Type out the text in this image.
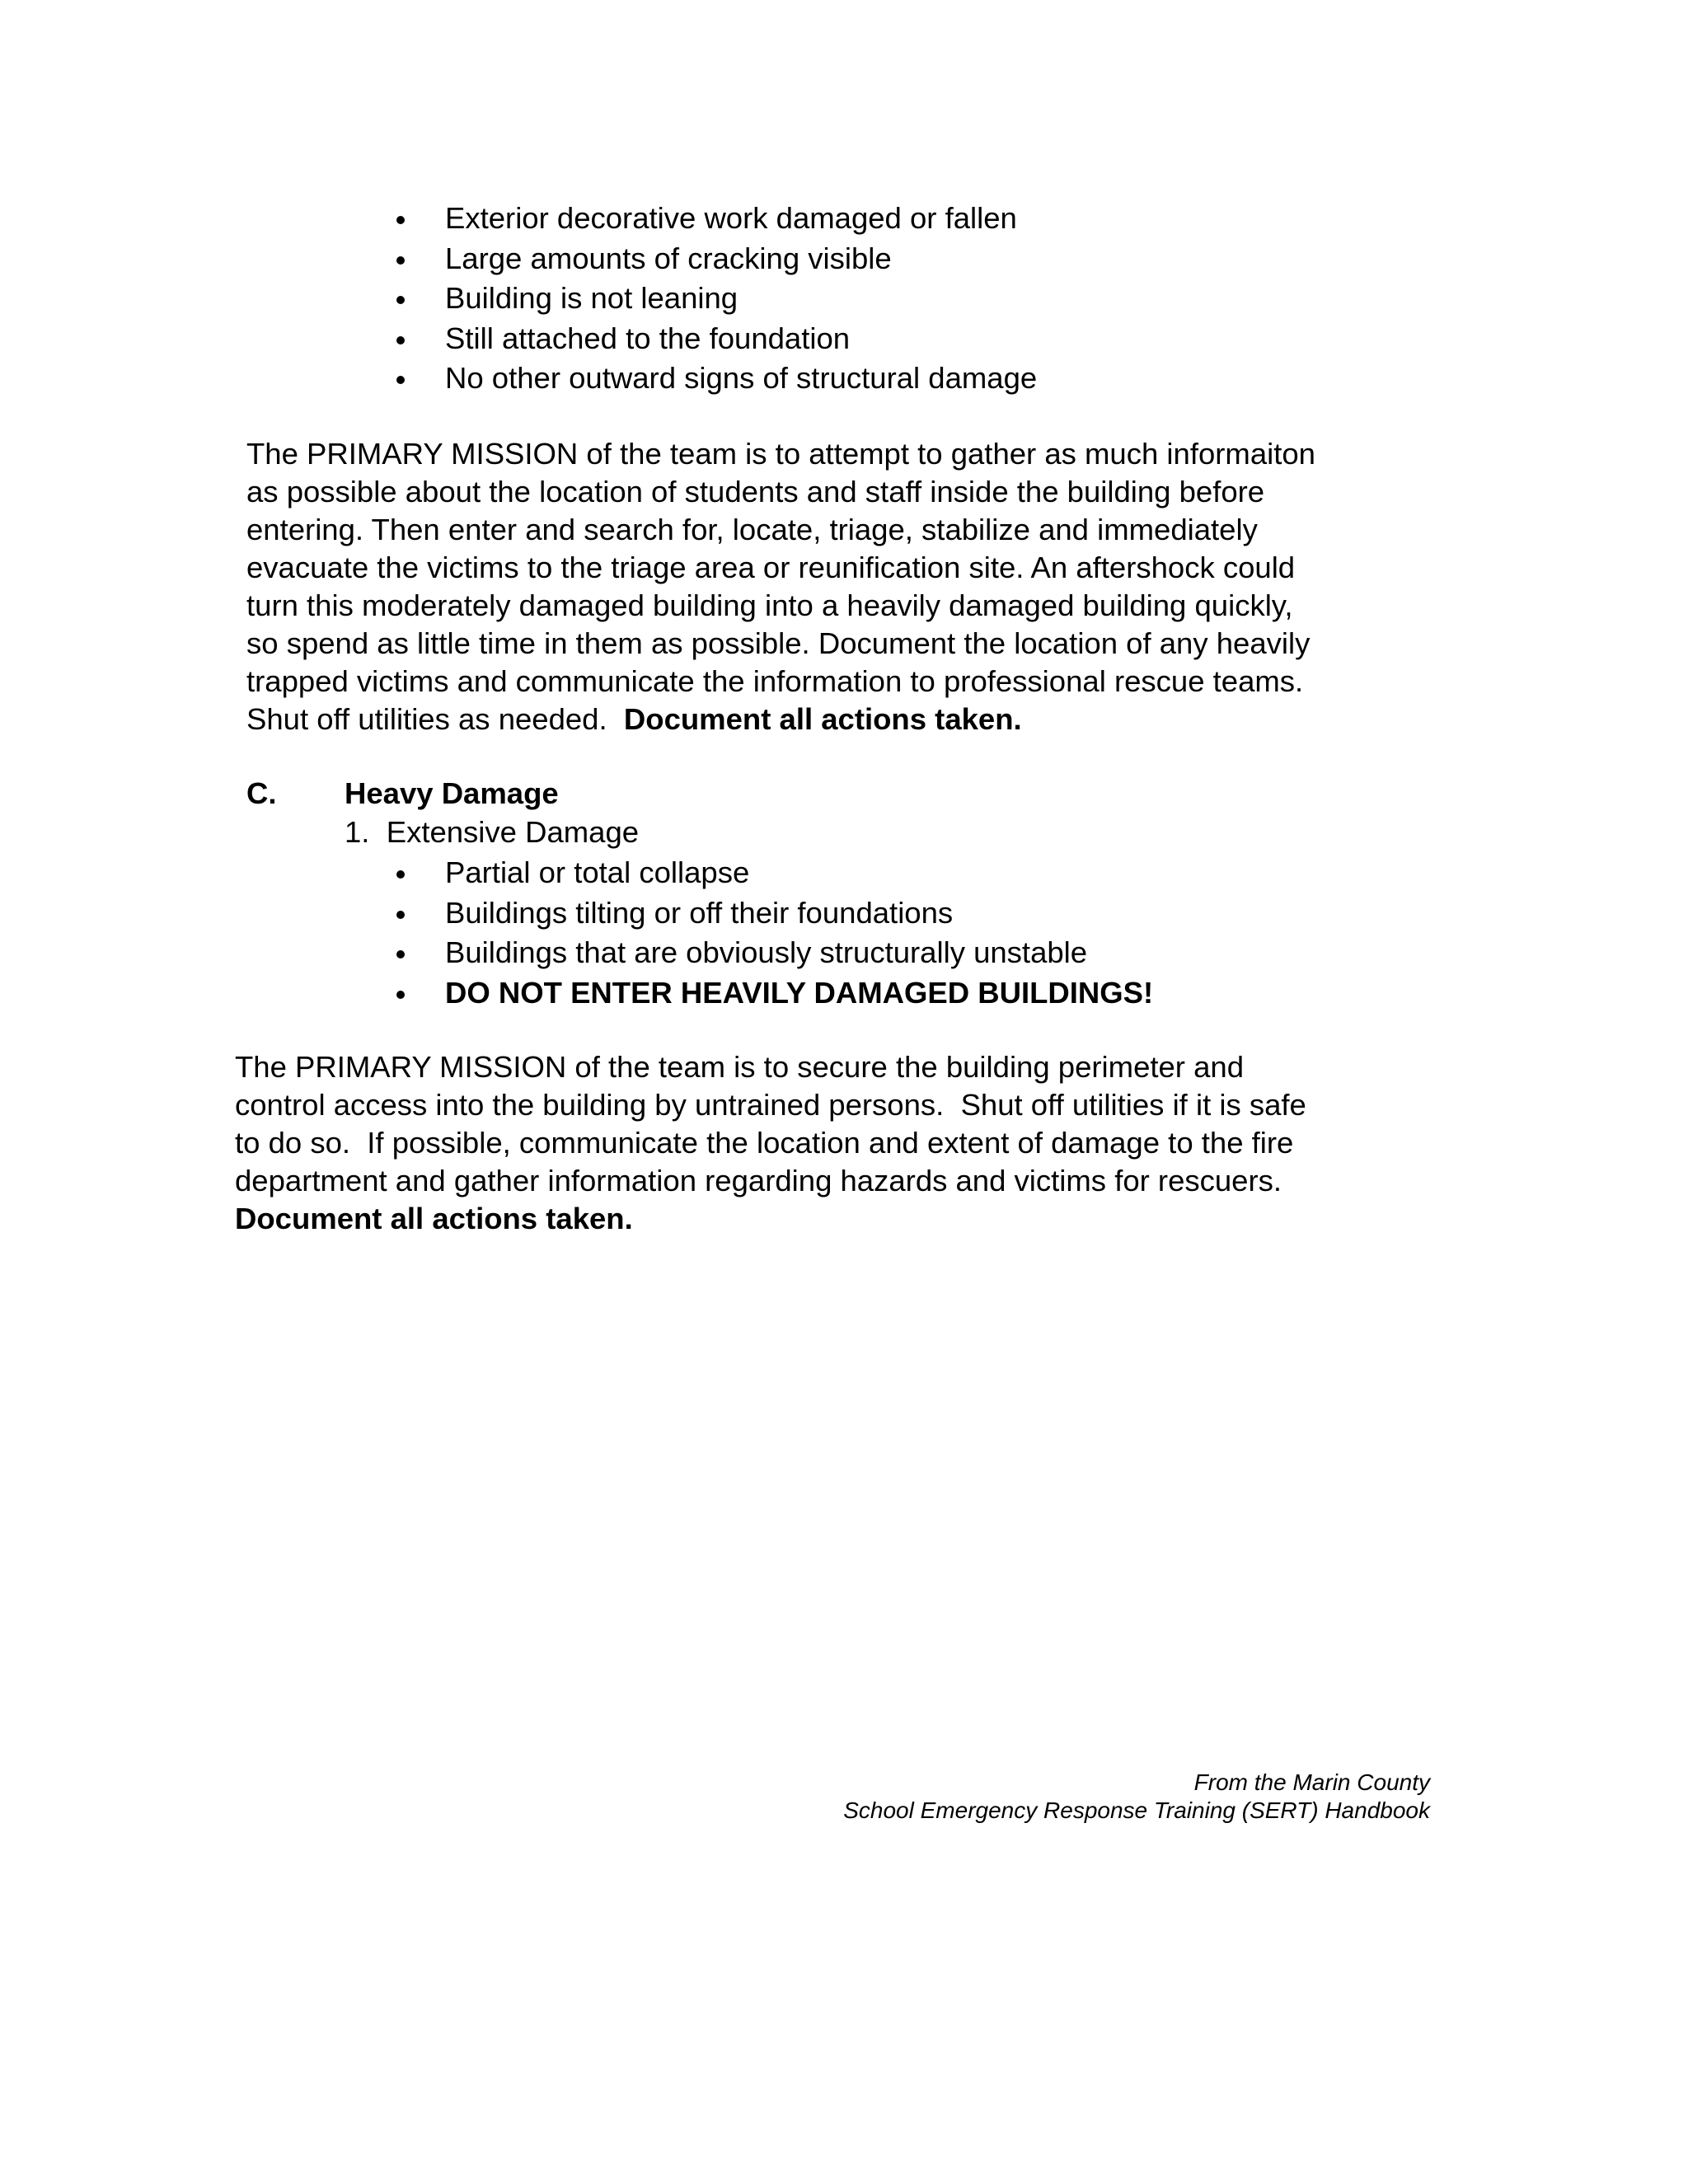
Exterior decorative work damaged or fallen
Large amounts of cracking visible
Building is not leaning
Still attached to the foundation
No other outward signs of structural damage

The PRIMARY MISSION of the team is to attempt to gather as much informaiton
as possible about the location of students and staff inside the building before
entering. Then enter and search for, locate, triage, stabilize and immediately
evacuate the victims to the triage area or reunification site. An aftershock could
turn this moderately damaged building into a heavily damaged building quickly,
so spend as little time in them as possible. Document the location of any heavily
trapped victims and communicate the information to professional rescue teams.
Shut off utilities as needed.  Document all actions taken.

C. Heavy Damage
1.  Extensive Damage
Partial or total collapse
Buildings tilting or off their foundations
Buildings that are obviously structurally unstable
DO NOT ENTER HEAVILY DAMAGED BUILDINGS!

The PRIMARY MISSION of the team is to secure the building perimeter and
control access into the building by untrained persons.  Shut off utilities if it is safe
to do so.  If possible, communicate the location and extent of damage to the fire
department and gather information regarding hazards and victims for rescuers.
Document all actions taken.

From the Marin County
School Emergency Response Training (SERT) Handbook
